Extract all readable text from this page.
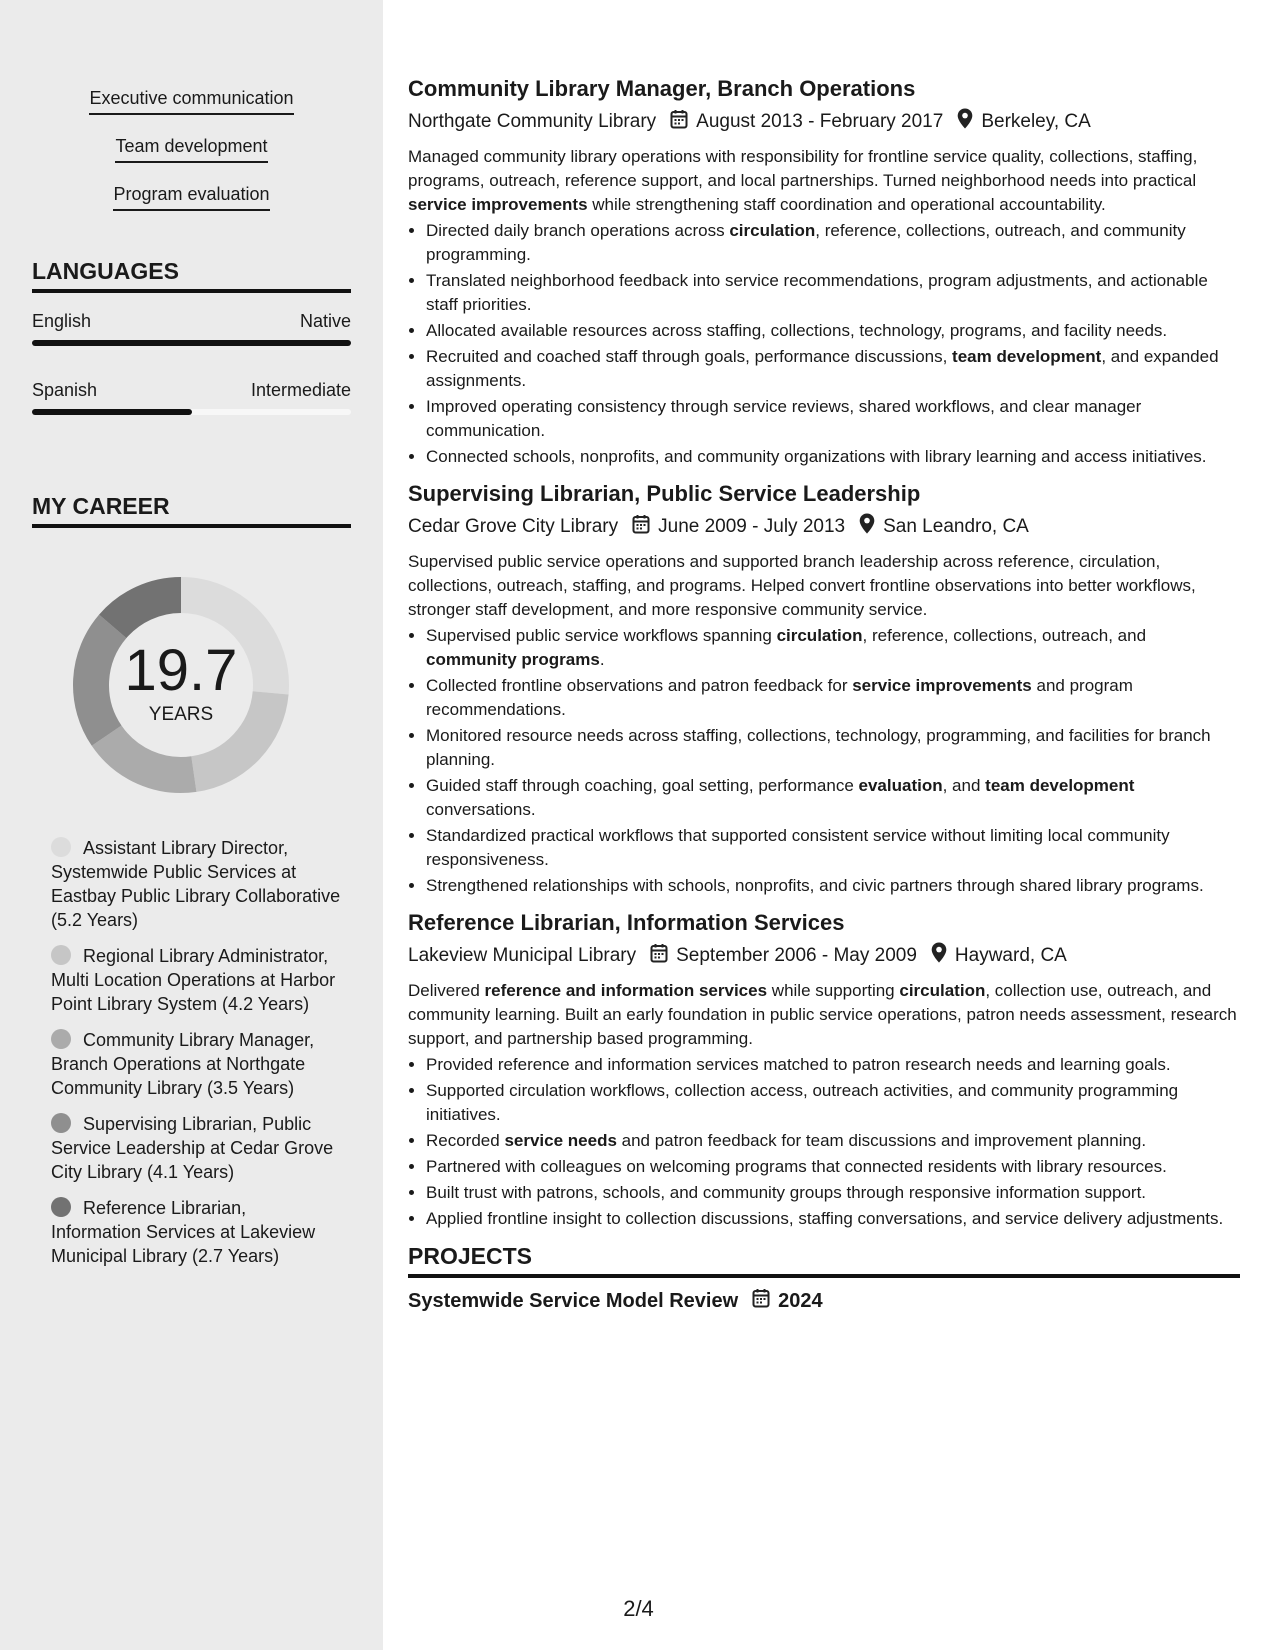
Executive communication
Team development
Program evaluation
LANGUAGES
English	Native
Spanish	Intermediate
MY CAREER
19.7
YEARS
Assistant Library Director, Systemwide Public Services at Eastbay Public Library Collaborative (5.2 Years)
Regional Library Administrator, Multi Location Operations at Harbor Point Library System (4.2 Years)
Community Library Manager, Branch Operations at Northgate Community Library (3.5 Years)
Supervising Librarian, Public Service Leadership at Cedar Grove City Library (4.1 Years)
Reference Librarian, Information Services at Lakeview Municipal Library (2.7 Years)
Community Library Manager, Branch Operations
Northgate Community Library August 2013 - February 2017 Berkeley, CA

Managed community library operations with responsibility for frontline service quality, collections, staffing, programs, outreach, reference support, and local partnerships. Turned neighborhood needs into practical service improvements while strengthening staff coordination and operational accountability.

• Directed daily branch operations across circulation, reference, collections, outreach, and community programming.
• Translated neighborhood feedback into service recommendations, program adjustments, and actionable staff priorities.
• Allocated available resources across staffing, collections, technology, programs, and facility needs.
• Recruited and coached staff through goals, performance discussions, team development, and expanded assignments.
• Improved operating consistency through service reviews, shared workflows, and clear manager communication.
• Connected schools, nonprofits, and community organizations with library learning and access initiatives.
Supervising Librarian, Public Service Leadership
Cedar Grove City Library June 2009 - July 2013 San Leandro, CA

Supervised public service operations and supported branch leadership across reference, circulation, collections, outreach, staffing, and programs. Helped convert frontline observations into better workflows, stronger staff development, and more responsive community service.

• Supervised public service workflows spanning circulation, reference, collections, outreach, and community programs.
• Collected frontline observations and patron feedback for service improvements and program recommendations.
• Monitored resource needs across staffing, collections, technology, programming, and facilities for branch planning.
• Guided staff through coaching, goal setting, performance evaluation, and team development conversations.
• Standardized practical workflows that supported consistent service without limiting local community responsiveness.
• Strengthened relationships with schools, nonprofits, and civic partners through shared library programs.
Reference Librarian, Information Services
Lakeview Municipal Library September 2006 - May 2009 Hayward, CA

Delivered reference and information services while supporting circulation, collection use, outreach, and community learning. Built an early foundation in public service operations, patron needs assessment, research support, and partnership based programming.

• Provided reference and information services matched to patron research needs and learning goals.
• Supported circulation workflows, collection access, outreach activities, and community programming initiatives.
• Recorded service needs and patron feedback for team discussions and improvement planning.
• Partnered with colleagues on welcoming programs that connected residents with library resources.
• Built trust with patrons, schools, and community groups through responsive information support.
• Applied frontline insight to collection discussions, staffing conversations, and service delivery adjustments.
PROJECTS
Systemwide Service Model Review 2024
2/4
